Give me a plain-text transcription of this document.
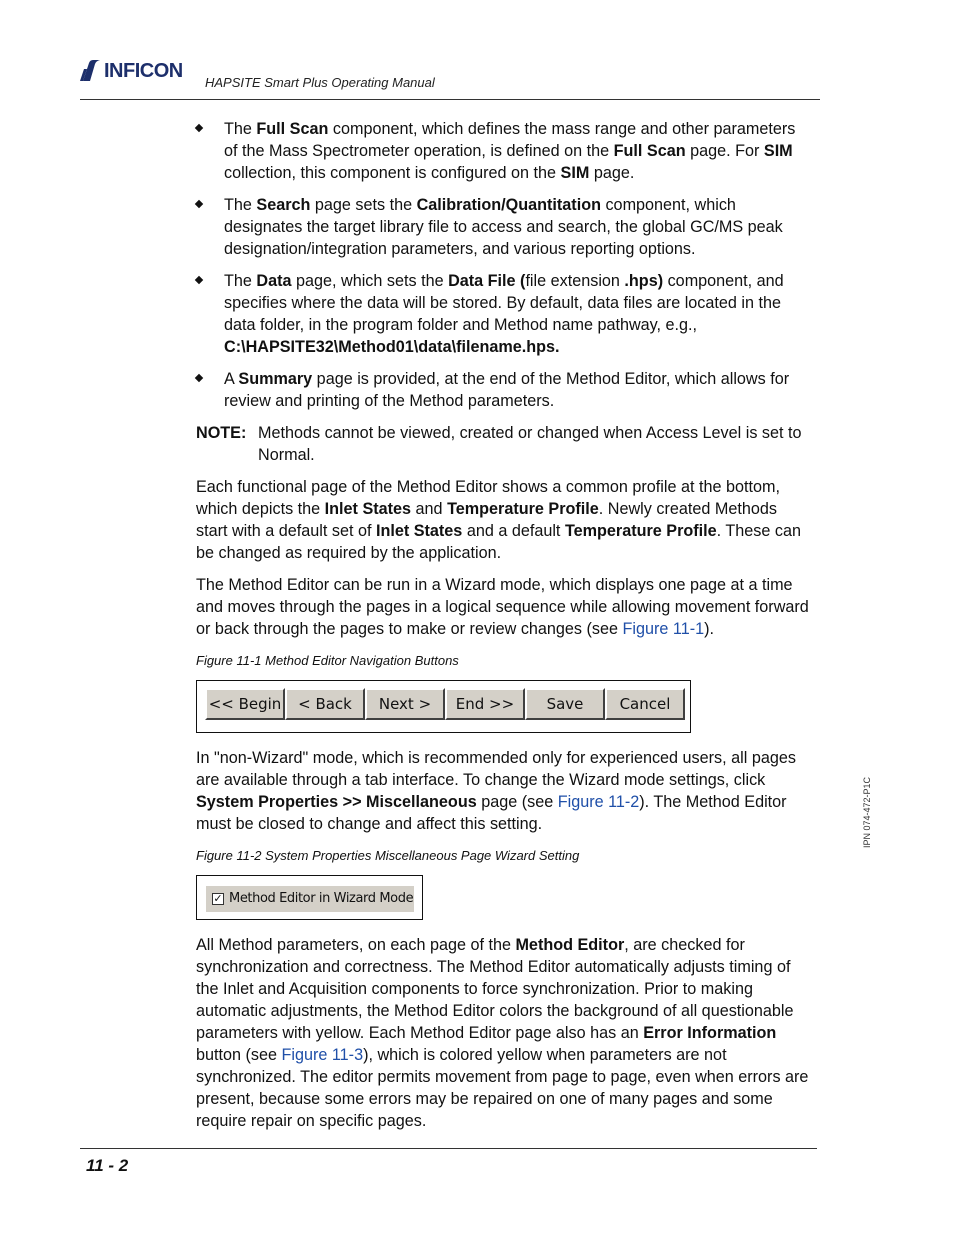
INFICON
HAPSITE Smart Plus Operating Manual
The Full Scan component, which defines the mass range and other parameters of the Mass Spectrometer operation, is defined on the Full Scan page. For SIM collection, this component is configured on the SIM page.
The Search page sets the Calibration/Quantitation component, which designates the target library file to access and search, the global GC/MS peak designation/integration parameters, and various reporting options.
The Data page, which sets the Data File (file extension .hps) component, and specifies where the data will be stored. By default, data files are located in the data folder, in the program folder and Method name pathway, e.g., C:\HAPSITE32\Method01\data\filename.hps.
A Summary page is provided, at the end of the Method Editor, which allows for review and printing of the Method parameters.
NOTE: Methods cannot be viewed, created or changed when Access Level is set to Normal.
Each functional page of the Method Editor shows a common profile at the bottom, which depicts the Inlet States and Temperature Profile. Newly created Methods start with a default set of Inlet States and a default Temperature Profile. These can be changed as required by the application.
The Method Editor can be run in a Wizard mode, which displays one page at a time and moves through the pages in a logical sequence while allowing movement forward or back through the pages to make or review changes (see Figure 11-1).
Figure 11-1 Method Editor Navigation Buttons
<< Begin	< Back	Next >	End >>	Save	Cancel
In "non-Wizard" mode, which is recommended only for experienced users, all pages are available through a tab interface. To change the Wizard mode settings, click System Properties >> Miscellaneous page (see Figure 11-2). The Method Editor must be closed to change and affect this setting.
Figure 11-2 System Properties Miscellaneous Page Wizard Setting
✓ Method Editor in Wizard Mode
All Method parameters, on each page of the Method Editor, are checked for synchronization and correctness. The Method Editor automatically adjusts timing of the Inlet and Acquisition components to force synchronization. Prior to making automatic adjustments, the Method Editor colors the background of all questionable parameters with yellow. Each Method Editor page also has an Error Information button (see Figure 11-3), which is colored yellow when parameters are not synchronized. The editor permits movement from page to page, even when errors are present, because some errors may be repaired on one of many pages and some require repair on specific pages.
IPN 074-472-P1C
11 - 2
